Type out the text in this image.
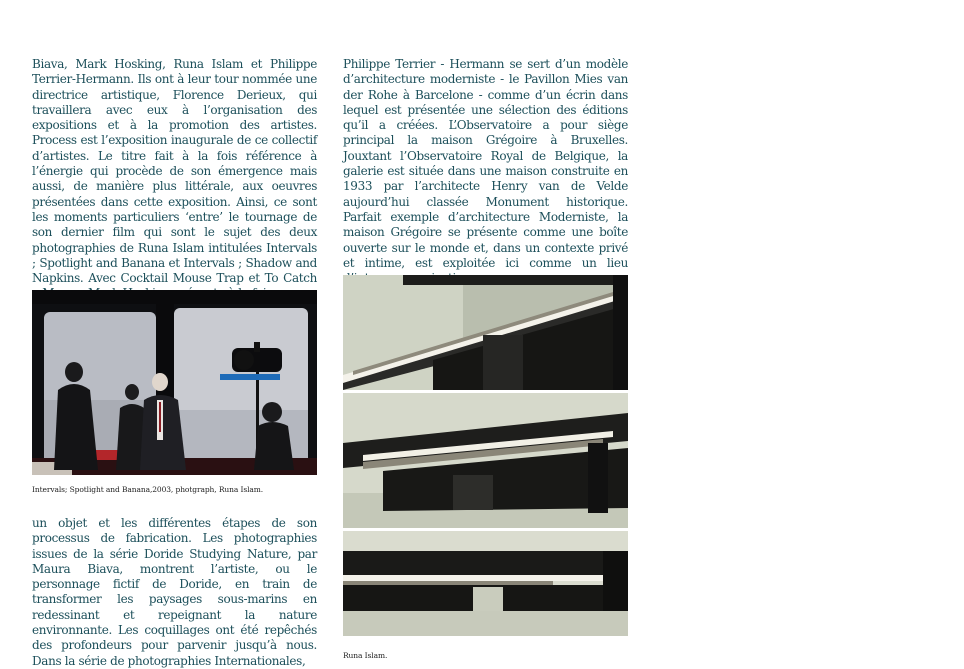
Biava, Mark Hosking, Runa Islam et Philippe Terrier-Hermann. Ils ont à leur tour nommée une directrice artistique, Florence Derieux, qui travaillera avec eux à l’organisation des expositions et à la promotion des artistes. Process est l’exposition inaugurale de ce collectif d’artistes. Le titre fait à la fois référence à l’énergie qui procède de son émergence mais aussi, de manière plus littérale, aux oeuvres présentées dans cette exposition. Ainsi, ce sont les moments particuliers ‘entre’ le tournage de son dernier film qui sont le sujet des deux photographies de Runa Islam intitulées Intervals ; Spotlight and Banana et Intervals ; Shadow and Napkins. Avec Cocktail Mouse Trap et To Catch

Intervals; Spotlight and Banana,2003, photgraph, Runa Islam.

un objet et les différentes étapes de son processus de fabrication. Les photographies issues de la série Doride Studying Nature, par Maura Biava, montrent l’artiste, ou le personnage fictif de Doride, en train de transformer les paysages sous-marins en redessinant et repeignant la nature environnante. Les coquillages ont été repêchés des profondeurs pour parvenir jusqu’à nous. Dans la série de photographies Internationales,

Philippe Terrier - Hermann se sert d’un modèle d’architecture moderniste - le Pavillon Mies van der Rohe à Barcelone - comme d’un écrin dans lequel est présentée une sélection des éditions qu’il a créées. L’Observatoire a pour siège principal la maison Grégoire à Bruxelles. Jouxtant l’Observatoire Royal de Belgique, la galerie est située dans une maison construite en 1933 par l’architecte Henry van de Velde aujourd’hui classée Monument historique. Parfait exemple d’architecture Moderniste, la maison Grégoire se présente comme une boîte ouverte sur le monde et, dans un contexte privé et intime, est exploitée ici comme un lieu

Runa Islam.
